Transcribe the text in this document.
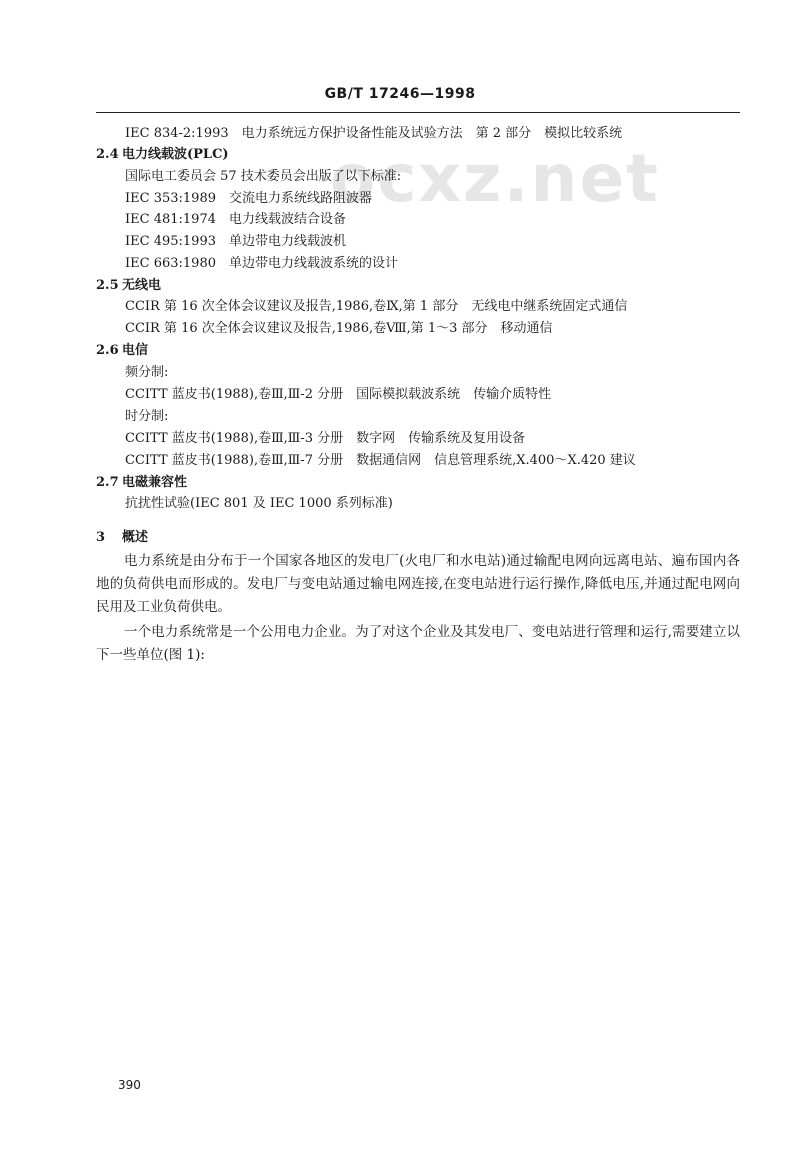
ocxz.net
GB/T 17246—1998
IEC 834-2:1993　电力系统远方保护设备性能及试验方法　第 2 部分　模拟比较系统
2.4 电力线载波(PLC)
国际电工委员会 57 技术委员会出版了以下标准:
IEC 353:1989　交流电力系统线路阻波器
IEC 481:1974　电力线载波结合设备
IEC 495:1993　单边带电力线载波机
IEC 663:1980　单边带电力线载波系统的设计
2.5 无线电
CCIR 第 16 次全体会议建议及报告,1986,卷Ⅸ,第 1 部分　无线电中继系统固定式通信
CCIR 第 16 次全体会议建议及报告,1986,卷Ⅷ,第 1～3 部分　移动通信
2.6 电信
频分制:
CCITT 蓝皮书(1988),卷Ⅲ,Ⅲ-2 分册　国际模拟载波系统　传输介质特性
时分制:
CCITT 蓝皮书(1988),卷Ⅲ,Ⅲ-3 分册　数字网　传输系统及复用设备
CCITT 蓝皮书(1988),卷Ⅲ,Ⅲ-7 分册　数据通信网　信息管理系统,X.400～X.420 建议
2.7 电磁兼容性
抗扰性试验(IEC 801 及 IEC 1000 系列标准)
3 概述

电力系统是由分布于一个国家各地区的发电厂(火电厂和水电站)通过输配电网向远离电站、遍布国内各地的负荷供电而形成的。发电厂与变电站通过输电网连接,在变电站进行运行操作,降低电压,并通过配电网向民用及工业负荷供电。

一个电力系统常是一个公用电力企业。为了对这个企业及其发电厂、变电站进行管理和运行,需要建立以下一些单位(图 1):

390
